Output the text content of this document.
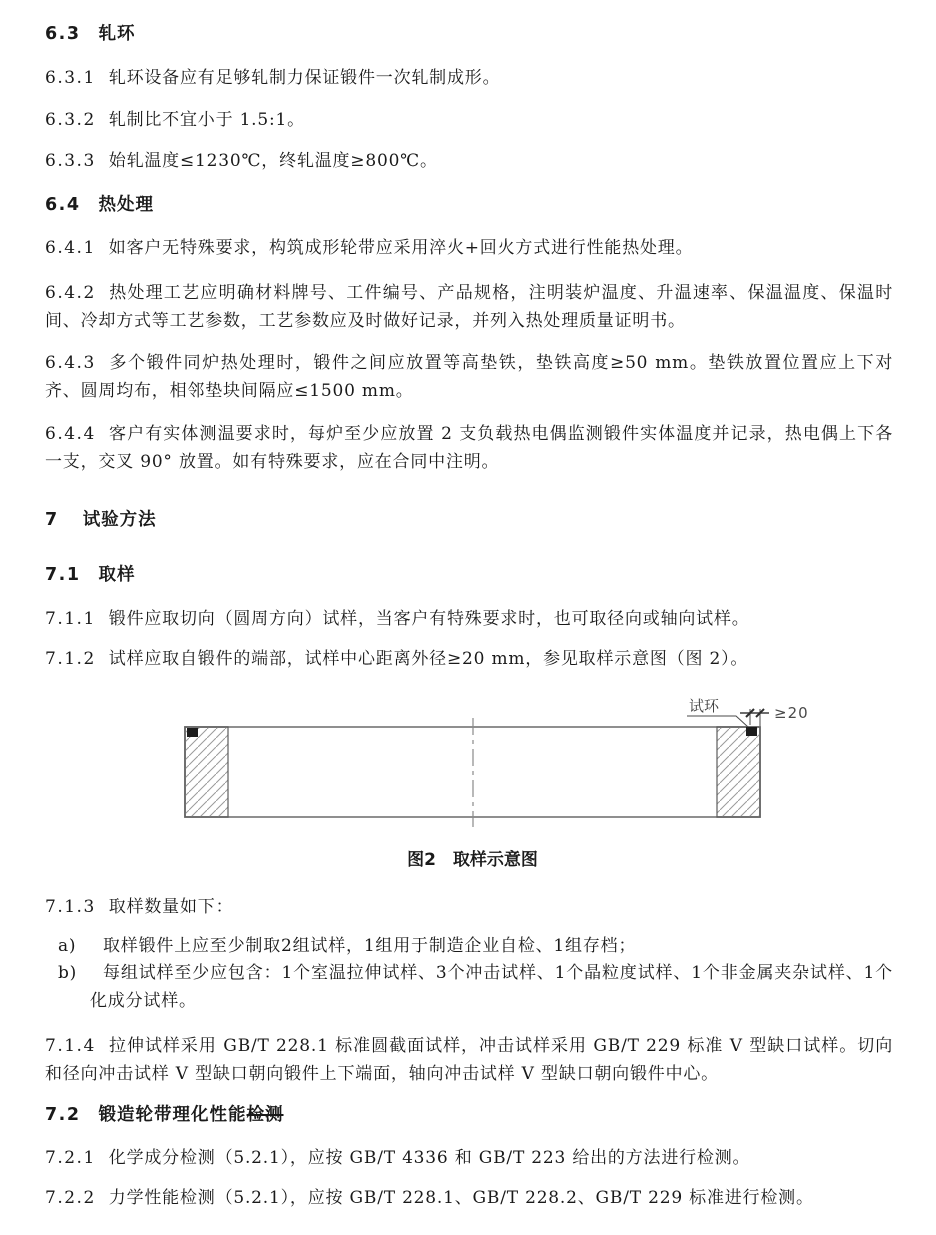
6.3 轧环
6.3.1 轧环设备应有足够轧制力保证锻件一次轧制成形。
6.3.2 轧制比不宜小于 1.5:1。
6.3.3 始轧温度≤1230℃，终轧温度≥800℃。
6.4 热处理
6.4.1 如客户无特殊要求，构筑成形轮带应采用淬火+回火方式进行性能热处理。
6.4.2 热处理工艺应明确材料牌号、工件编号、产品规格，注明装炉温度、升温速率、保温温度、保温时间、冷却方式等工艺参数，工艺参数应及时做好记录，并列入热处理质量证明书。
6.4.3 多个锻件同炉热处理时，锻件之间应放置等高垫铁，垫铁高度≥50 mm。垫铁放置位置应上下对齐、圆周均布，相邻垫块间隔应≤1500 mm。
6.4.4 客户有实体测温要求时，每炉至少应放置 2 支负载热电偶监测锻件实体温度并记录，热电偶上下各一支，交叉 90° 放置。如有特殊要求，应在合同中注明。
7 试验方法
7.1 取样
7.1.1 锻件应取切向（圆周方向）试样，当客户有特殊要求时，也可取径向或轴向试样。
7.1.2 试样应取自锻件的端部，试样中心距离外径≥20 mm，参见取样示意图（图 2）。
试环	≥20
图2 取样示意图
7.1.3 取样数量如下：
a)	取样锻件上应至少制取2组试样，1组用于制造企业自检、1组存档；
b)	每组试样至少应包含：1个室温拉伸试样、3个冲击试样、1个晶粒度试样、1个非金属夹杂试样、1个化成分试样。
7.1.4 拉伸试样采用 GB/T 228.1 标准圆截面试样，冲击试样采用 GB/T 229 标准 V 型缺口试样。切向和径向冲击试样 V 型缺口朝向锻件上下端面，轴向冲击试样 V 型缺口朝向锻件中心。
7.2 锻造轮带理化性能检测
7.2.1 化学成分检测（5.2.1），应按 GB/T 4336 和 GB/T 223 给出的方法进行检测。
7.2.2 力学性能检测（5.2.1），应按 GB/T 228.1、GB/T 228.2、GB/T 229 标准进行检测。
